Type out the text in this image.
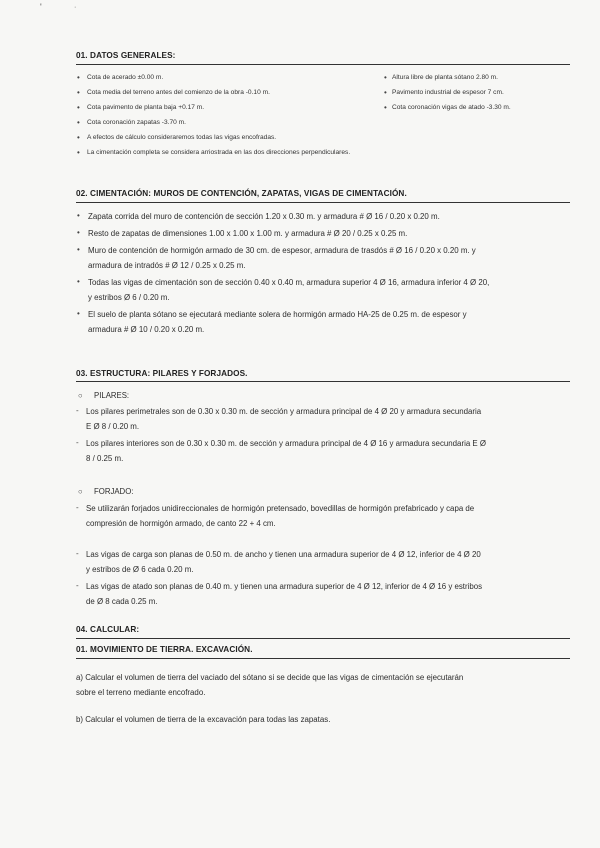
'	·
01. DATOS GENERALES:
• Cota de acerado ±0.00 m.
• Cota media del terreno antes del comienzo de la obra -0.10 m.
• Cota pavimento de planta baja +0.17 m.
• Cota coronación zapatas -3.70 m.
• A efectos de cálculo consideraremos todas las vigas encofradas.
• La cimentación completa se considera arriostrada en las dos direcciones perpendiculares.
• Altura libre de planta sótano 2.80 m.
• Pavimento industrial de espesor 7 cm.
• Cota coronación vigas de atado -3.30 m.
02. CIMENTACIÓN: MUROS DE CONTENCIÓN, ZAPATAS, VIGAS DE CIMENTACIÓN.
• Zapata corrida del muro de contención de sección 1.20 x 0.30 m. y armadura # Ø 16 / 0.20 x 0.20 m.
• Resto de zapatas de dimensiones 1.00 x 1.00 x 1.00 m. y armadura # Ø 20 / 0.25 x 0.25 m.
• Muro de contención de hormigón armado de 30 cm. de espesor, armadura de trasdós # Ø 16 / 0.20 x 0.20 m. y
armadura de intradós # Ø 12 / 0.25 x 0.25 m.
• Todas las vigas de cimentación son de sección 0.40 x 0.40 m, armadura superior 4 Ø 16, armadura inferior 4 Ø 20,
y estribos Ø 6 / 0.20 m.
• El suelo de planta sótano se ejecutará mediante solera de hormigón armado HA-25 de 0.25 m. de espesor y
armadura # Ø 10 / 0.20 x 0.20 m.
03. ESTRUCTURA: PILARES Y FORJADOS.
○ PILARES:
- Los pilares perimetrales son de 0.30 x 0.30 m. de sección y armadura principal de 4 Ø 20 y armadura secundaria
E Ø 8 / 0.20 m.
- Los pilares interiores son de 0.30 x 0.30 m. de sección y armadura principal de 4 Ø 16 y armadura secundaria E Ø
8 / 0.25 m.
○ FORJADO:
- Se utilizarán forjados unidireccionales de hormigón pretensado, bovedillas de hormigón prefabricado y capa de
compresión de hormigón armado, de canto 22 + 4 cm.
- Las vigas de carga son planas de 0.50 m. de ancho y tienen una armadura superior de 4 Ø 12, inferior de 4 Ø 20
y estribos de Ø 6 cada 0.20 m.
- Las vigas de atado son planas de 0.40 m. y tienen una armadura superior de 4 Ø 12, inferior de 4 Ø 16 y estribos
de Ø 8 cada 0.25 m.
04. CALCULAR:
01. MOVIMIENTO DE TIERRA. EXCAVACIÓN.
a) Calcular el volumen de tierra del vaciado del sótano si se decide que las vigas de cimentación se ejecutarán
sobre el terreno mediante encofrado.
b) Calcular el volumen de tierra de la excavación para todas las zapatas.
